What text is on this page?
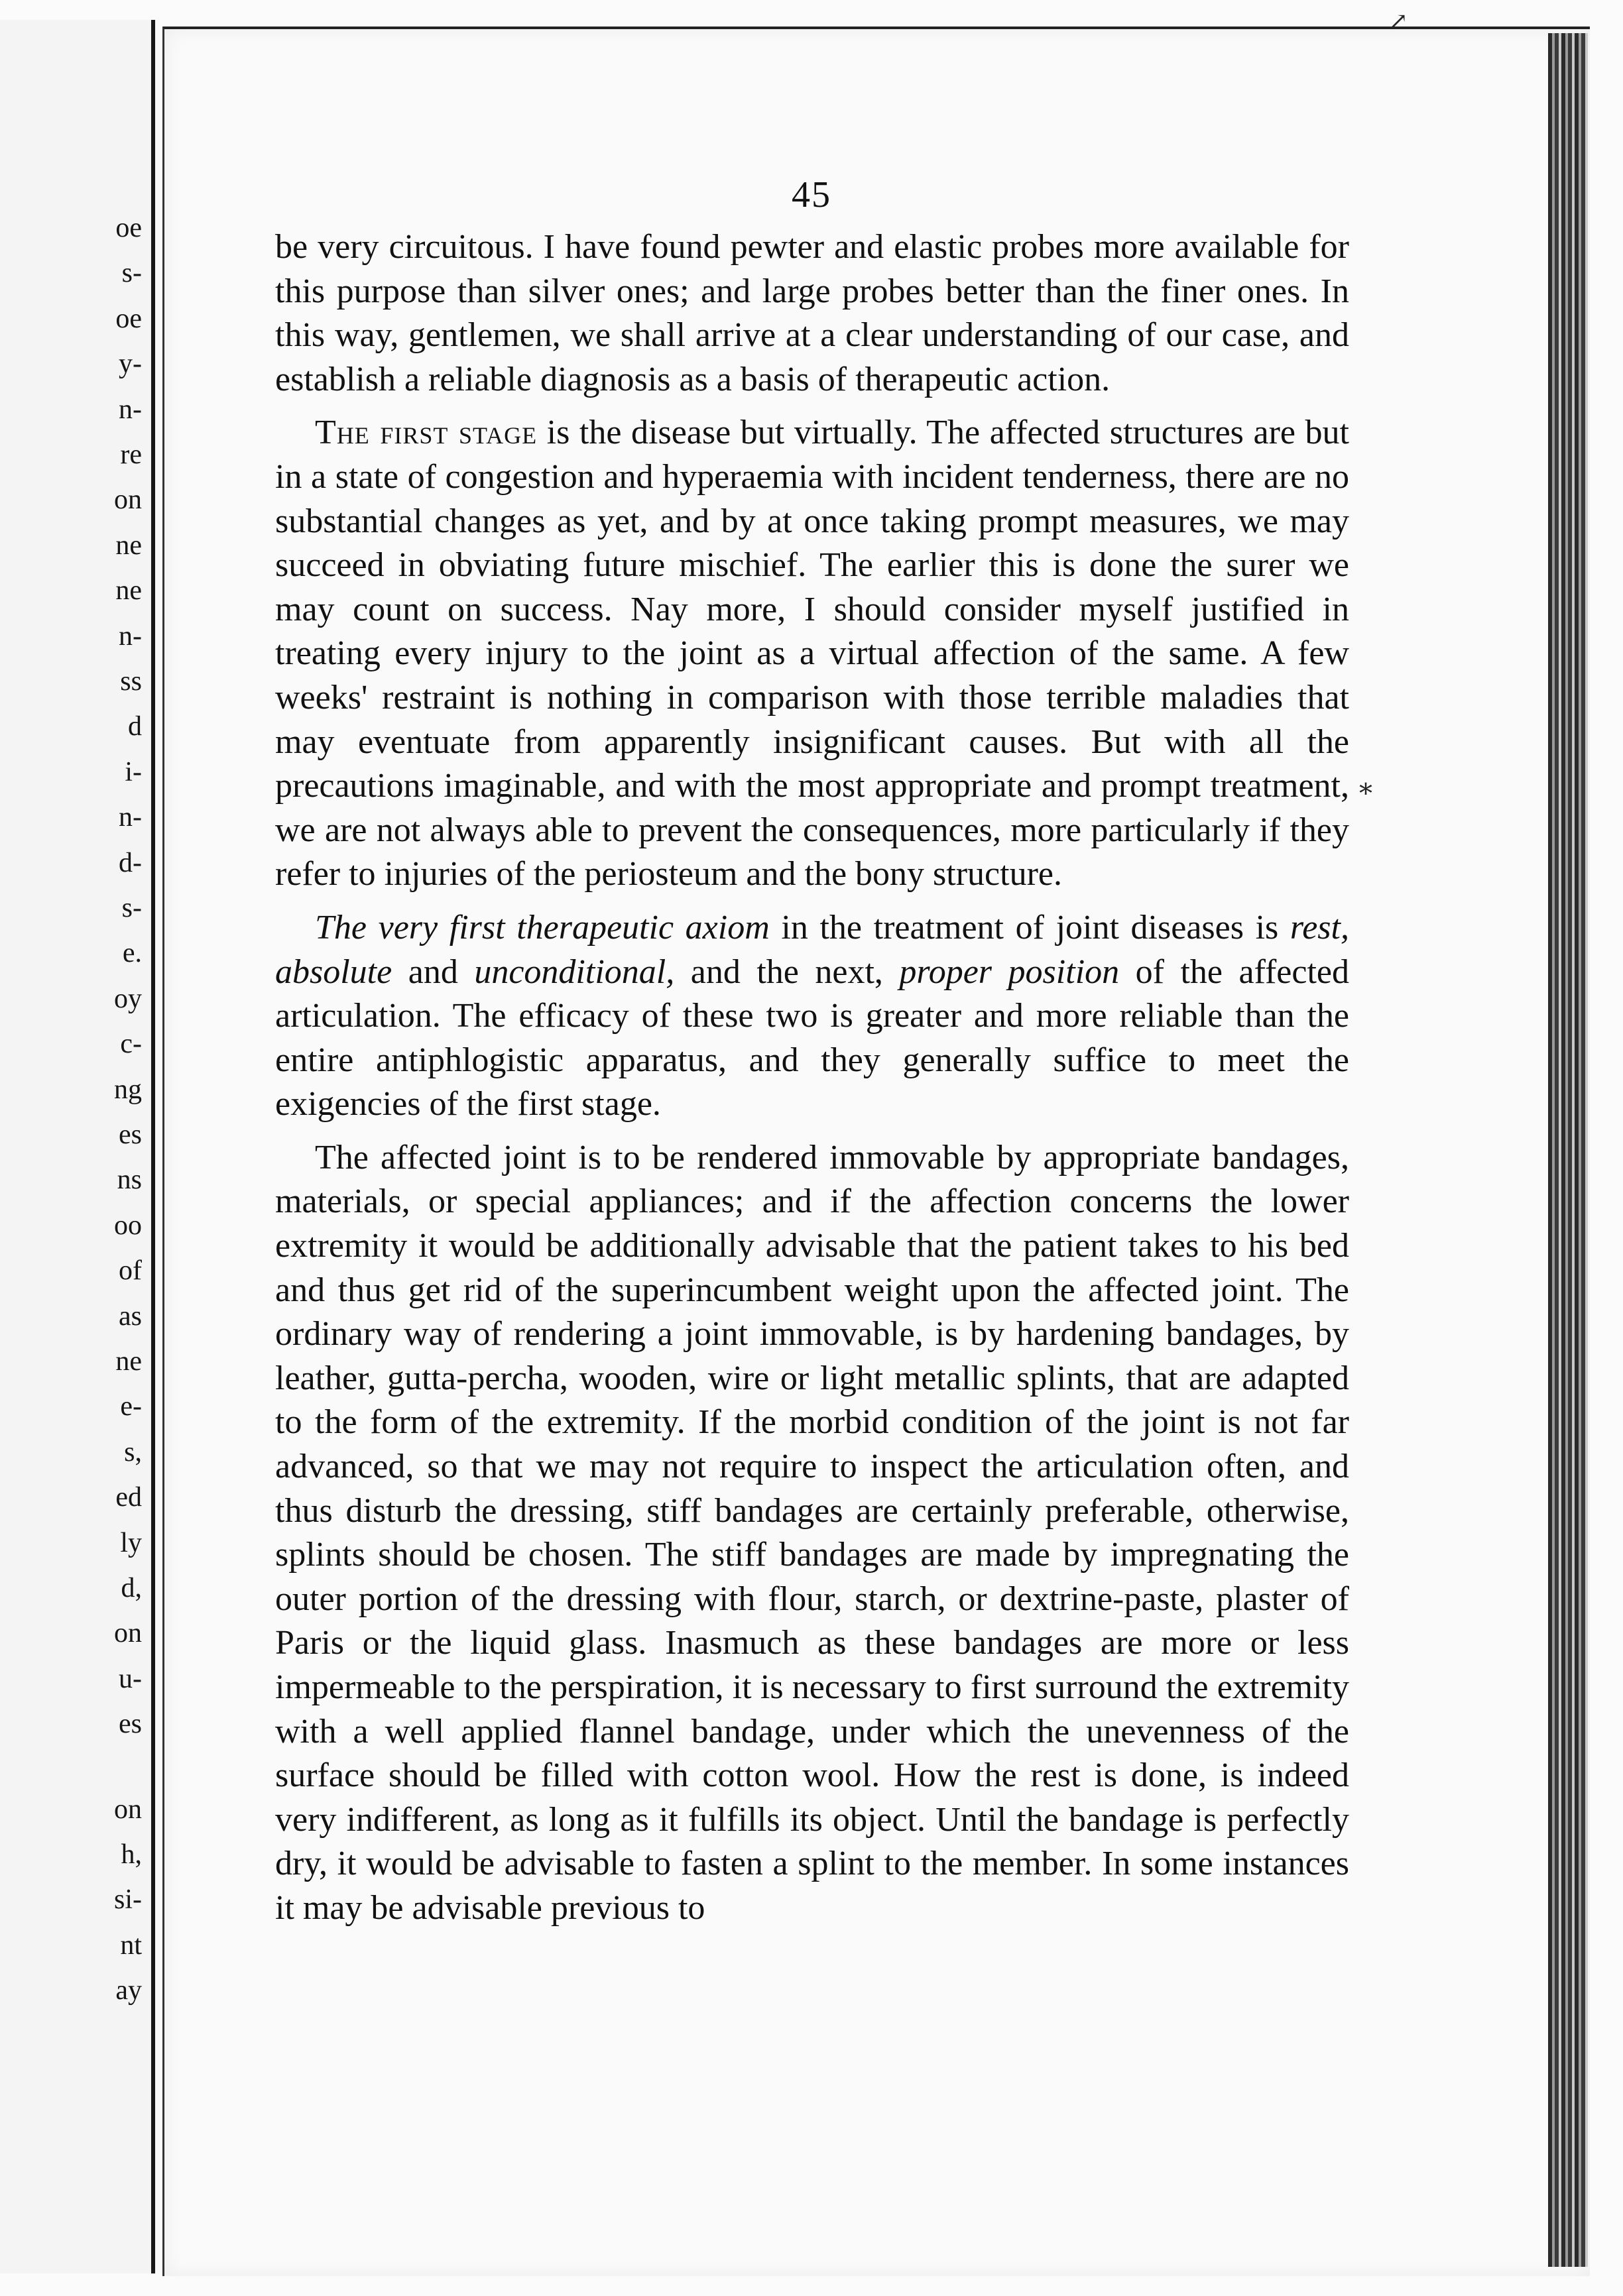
oe
s-
oe
y-
n-
re
on
ne
ne
n-
ss
d
i-
n-
d-
s-
e.
oy
c-
ng
es
ns
oo
of
as
ne
e-
s,
ed
ly
d,
on
u-
es
on
h,
si-
nt
ay
45

be very circuitous. I have found pewter and elastic probes more available for this purpose than silver ones; and large probes better than the finer ones. In this way, gentlemen, we shall arrive at a clear understanding of our case, and establish a reliable diagnosis as a basis of therapeutic action.

The first stage is the disease but virtually. The affected structures are but in a state of congestion and hyperaemia with incident tenderness, there are no substantial changes as yet, and by at once taking prompt measures, we may succeed in obviating future mischief. The earlier this is done the surer we may count on success. Nay more, I should consider myself justified in treating every injury to the joint as a virtual affection of the same. A few weeks' restraint is nothing in comparison with those terrible maladies that may eventuate from apparently insignificant causes. But with all the precautions imaginable, and with the most appropriate and prompt treatment, we are not always able to prevent the consequences, more particularly if they refer to injuries of the periosteum and the bony structure.

The very first therapeutic axiom in the treatment of joint diseases is rest, absolute and unconditional, and the next, proper position of the affected articulation. The efficacy of these two is greater and more reliable than the entire antiphlogistic apparatus, and they generally suffice to meet the exigencies of the first stage.

The affected joint is to be rendered immovable by appropriate bandages, materials, or special appliances; and if the affection concerns the lower extremity it would be additionally advisable that the patient takes to his bed and thus get rid of the superincumbent weight upon the affected joint. The ordinary way of rendering a joint immovable, is by hardening bandages, by leather, gutta-percha, wooden, wire or light metallic splints, that are adapted to the form of the extremity. If the morbid condition of the joint is not far advanced, so that we may not require to inspect the articulation often, and thus disturb the dressing, stiff bandages are certainly preferable, otherwise, splints should be chosen. The stiff bandages are made by impregnating the outer portion of the dressing with flour, starch, or dextrine-paste, plaster of Paris or the liquid glass. Inasmuch as these bandages are more or less impermeable to the perspiration, it is necessary to first surround the extremity with a well applied flannel bandage, under which the unevenness of the surface should be filled with cotton wool. How the rest is done, is indeed very indifferent, as long as it fulfills its object. Until the bandage is perfectly dry, it would be advisable to fasten a splint to the member. In some instances it may be advisable previous to

⁎
↗
